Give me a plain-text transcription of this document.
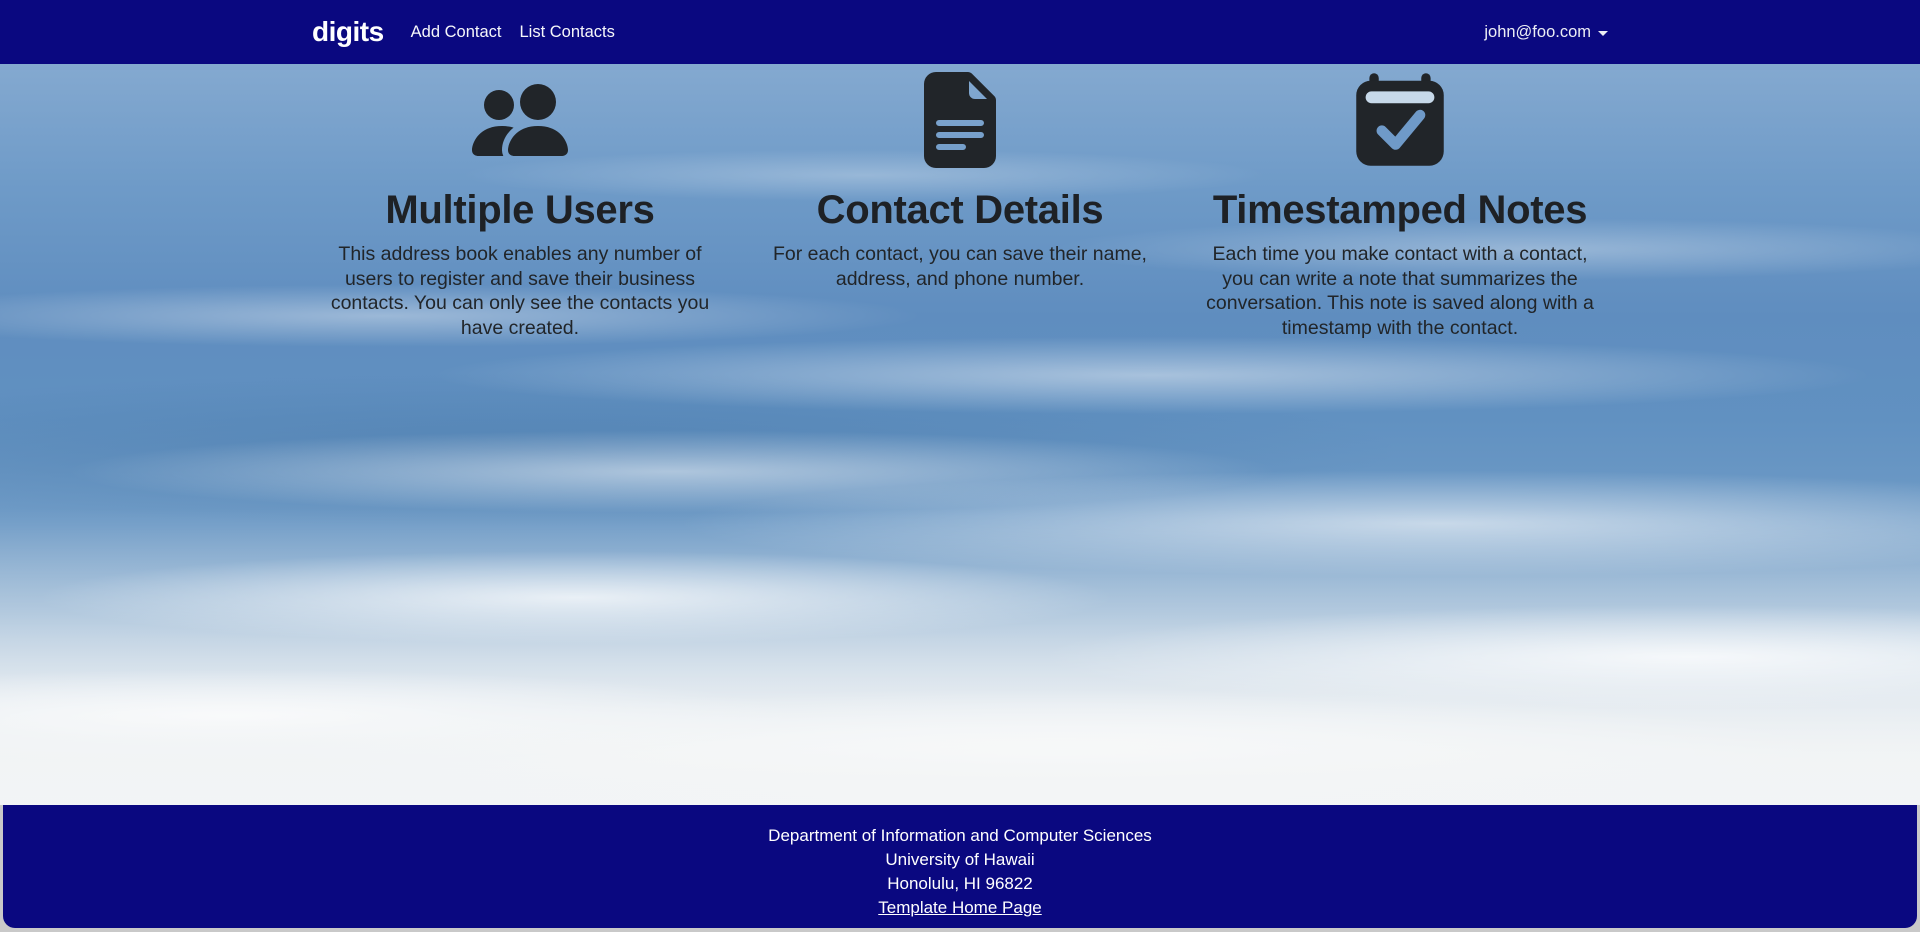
digits	Add Contact	List Contacts	john@foo.com
Multiple Users

This address book enables any number of users to register and save their business contacts. You can only see the contacts you have created.

Contact Details

For each contact, you can save their name, address, and phone number.

Timestamped Notes

Each time you make contact with a contact, you can write a note that summarizes the conversation. This note is saved along with a timestamp with the contact.

Department of Information and Computer Sciences
University of Hawaii
Honolulu, HI 96822
Template Home Page
